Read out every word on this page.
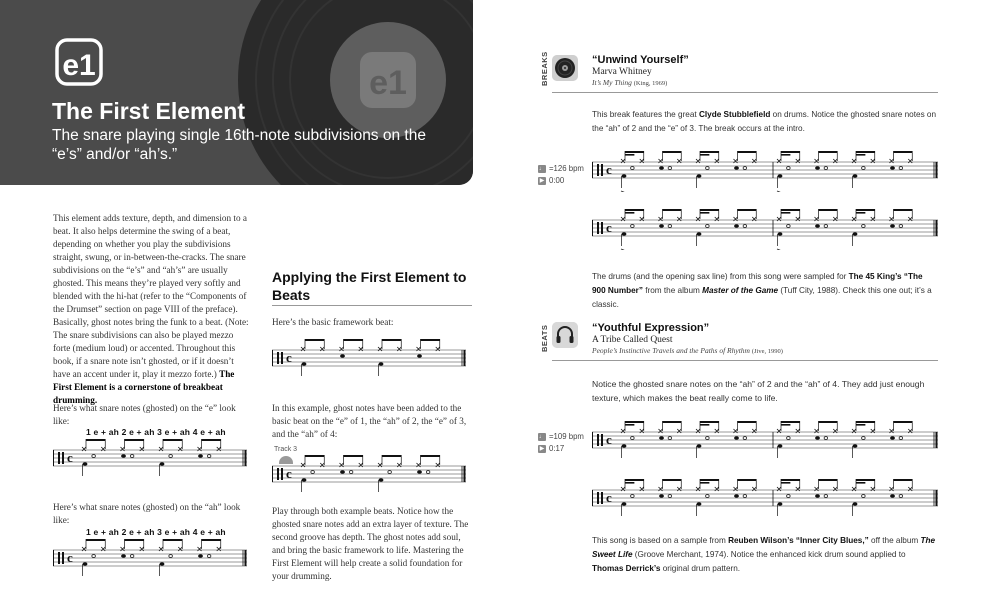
e1
e1
The First Element

The snare playing single 16th-note subdivisions on the “e’s” and/or “ah’s.”

This element adds texture, depth, and dimension to a beat. It also helps determine the swing of a beat, depending on whether you play the subdivisions straight, swung, or in-between-the-cracks. The snare subdivisions on the “e’s” and “ah’s” are usually ghosted. This means they’re played very softly and blended with the hi-hat (refer to the “Components of the Drumset” section on page VIII of the preface). Basically, ghost notes bring the funk to a beat. (Note: The snare subdivisions can also be played mezzo forte (medium loud) or accented. Throughout this book, if a snare note isn’t ghosted, or if it doesn’t have an accent under it, play it mezzo forte.) The First Element is a cornerstone of breakbeat drumming.

Here’s what snare notes (ghosted) on the “e” look like:

1 e + ah 2 e + ah 3 e + ah 4 e + ah
c

Here’s what snare notes (ghosted) on the “ah” look like:

1 e + ah 2 e + ah 3 e + ah 4 e + ah
c
Applying the First Element to Beats

Here’s the basic framework beat:

c

In this example, ghost notes have been added to the basic beat on the “e” of 1, the “ah” of 2, the “e” of 3, and the “ah” of 4:

Track 3
c

Play through both example beats. Notice how the ghosted snare notes add an extra layer of texture. The second groove has depth. The ghost notes add soul, and bring the basic framework to life. Mastering the First Element will help create a solid foundation for your drumming.

BREAKS	“Unwind Yourself”

Marva Whitney

It’s My Thing (King, 1969)

This break features the great Clyde Stubblefield on drums. Notice the ghosted snare notes on the “ah” of 2 and the “e” of 3. The break occurs at the intro.

♩ =126 bpm
▶ 0:00
c
c

The drums (and the opening sax line) from this song were sampled for The 45 King’s “The 900 Number” from the album Master of the Game (Tuff City, 1988). Check this one out; it’s a classic.

BEATS	“Youthful Expression”

A Tribe Called Quest

People’s Instinctive Travels and the Paths of Rhythm (Jive, 1990)

Notice the ghosted snare notes on the “ah” of 2 and the “ah” of 4. They add just enough texture, which makes the beat really come to life.

♩ =109 bpm
▶ 0:17
c
c

This song is based on a sample from Reuben Wilson’s “Inner City Blues,” off the album The Sweet Life (Groove Merchant, 1974). Notice the enhanced kick drum sound applied to Thomas Derrick’s original drum pattern.
